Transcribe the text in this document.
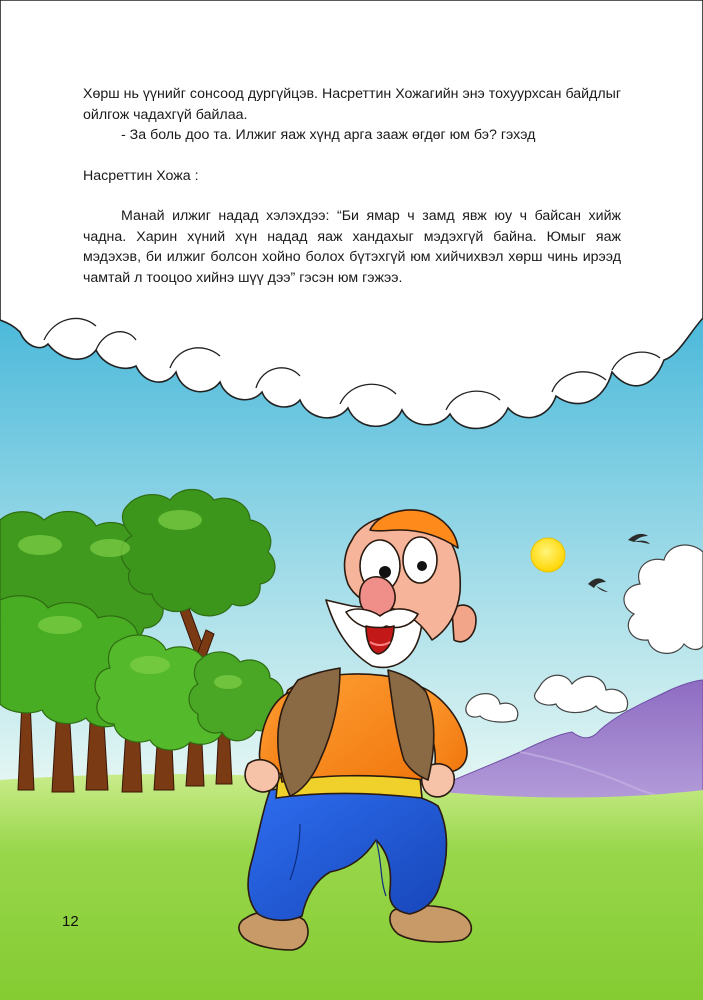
Хөрш нь үүнийг сонсоод дургүйцэв. Насреттин Хожагийн энэ тохуурхсан байдлыг ойлгож чадахгүй байлаа.

- За боль доо та. Илжиг яаж хүнд арга зааж өгдөг юм бэ? гэхэд

Насреттин Хожа :

Манай илжиг надад хэлэхдээ: “Би ямар ч замд явж юу ч байсан хийж чадна. Харин хүний хүн надад яаж хандахыг мэдэхгүй байна. Юмыг яаж мэдэхэв, би илжиг болсон хойно болох бүтэхгүй юм хийчихвэл хөрш чинь ирээд чамтай л тооцоо хийнэ шүү дээ” гэсэн юм гэжээ.

12
